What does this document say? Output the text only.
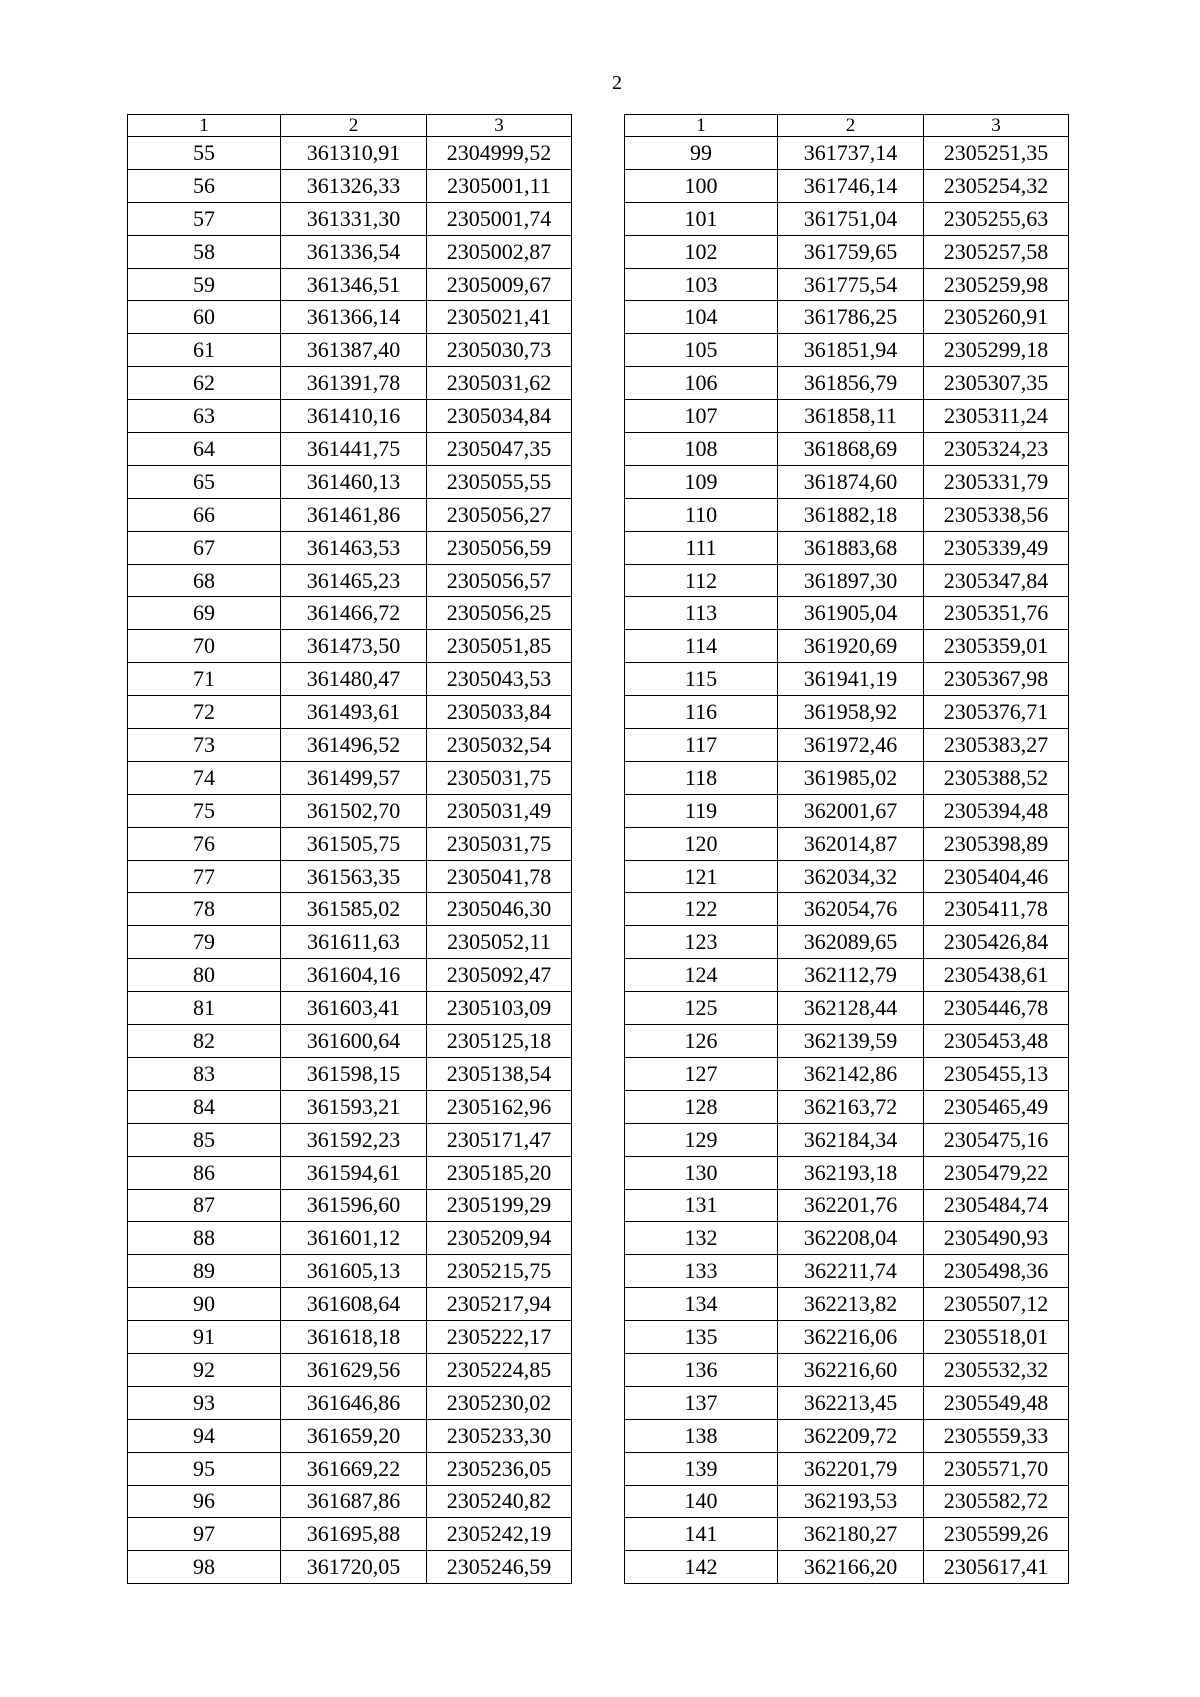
2
1	2	3
55	361310,91	2304999,52
56	361326,33	2305001,11
57	361331,30	2305001,74
58	361336,54	2305002,87
59	361346,51	2305009,67
60	361366,14	2305021,41
61	361387,40	2305030,73
62	361391,78	2305031,62
63	361410,16	2305034,84
64	361441,75	2305047,35
65	361460,13	2305055,55
66	361461,86	2305056,27
67	361463,53	2305056,59
68	361465,23	2305056,57
69	361466,72	2305056,25
70	361473,50	2305051,85
71	361480,47	2305043,53
72	361493,61	2305033,84
73	361496,52	2305032,54
74	361499,57	2305031,75
75	361502,70	2305031,49
76	361505,75	2305031,75
77	361563,35	2305041,78
78	361585,02	2305046,30
79	361611,63	2305052,11
80	361604,16	2305092,47
81	361603,41	2305103,09
82	361600,64	2305125,18
83	361598,15	2305138,54
84	361593,21	2305162,96
85	361592,23	2305171,47
86	361594,61	2305185,20
87	361596,60	2305199,29
88	361601,12	2305209,94
89	361605,13	2305215,75
90	361608,64	2305217,94
91	361618,18	2305222,17
92	361629,56	2305224,85
93	361646,86	2305230,02
94	361659,20	2305233,30
95	361669,22	2305236,05
96	361687,86	2305240,82
97	361695,88	2305242,19
98	361720,05	2305246,59
1	2	3
99	361737,14	2305251,35
100	361746,14	2305254,32
101	361751,04	2305255,63
102	361759,65	2305257,58
103	361775,54	2305259,98
104	361786,25	2305260,91
105	361851,94	2305299,18
106	361856,79	2305307,35
107	361858,11	2305311,24
108	361868,69	2305324,23
109	361874,60	2305331,79
110	361882,18	2305338,56
111	361883,68	2305339,49
112	361897,30	2305347,84
113	361905,04	2305351,76
114	361920,69	2305359,01
115	361941,19	2305367,98
116	361958,92	2305376,71
117	361972,46	2305383,27
118	361985,02	2305388,52
119	362001,67	2305394,48
120	362014,87	2305398,89
121	362034,32	2305404,46
122	362054,76	2305411,78
123	362089,65	2305426,84
124	362112,79	2305438,61
125	362128,44	2305446,78
126	362139,59	2305453,48
127	362142,86	2305455,13
128	362163,72	2305465,49
129	362184,34	2305475,16
130	362193,18	2305479,22
131	362201,76	2305484,74
132	362208,04	2305490,93
133	362211,74	2305498,36
134	362213,82	2305507,12
135	362216,06	2305518,01
136	362216,60	2305532,32
137	362213,45	2305549,48
138	362209,72	2305559,33
139	362201,79	2305571,70
140	362193,53	2305582,72
141	362180,27	2305599,26
142	362166,20	2305617,41
